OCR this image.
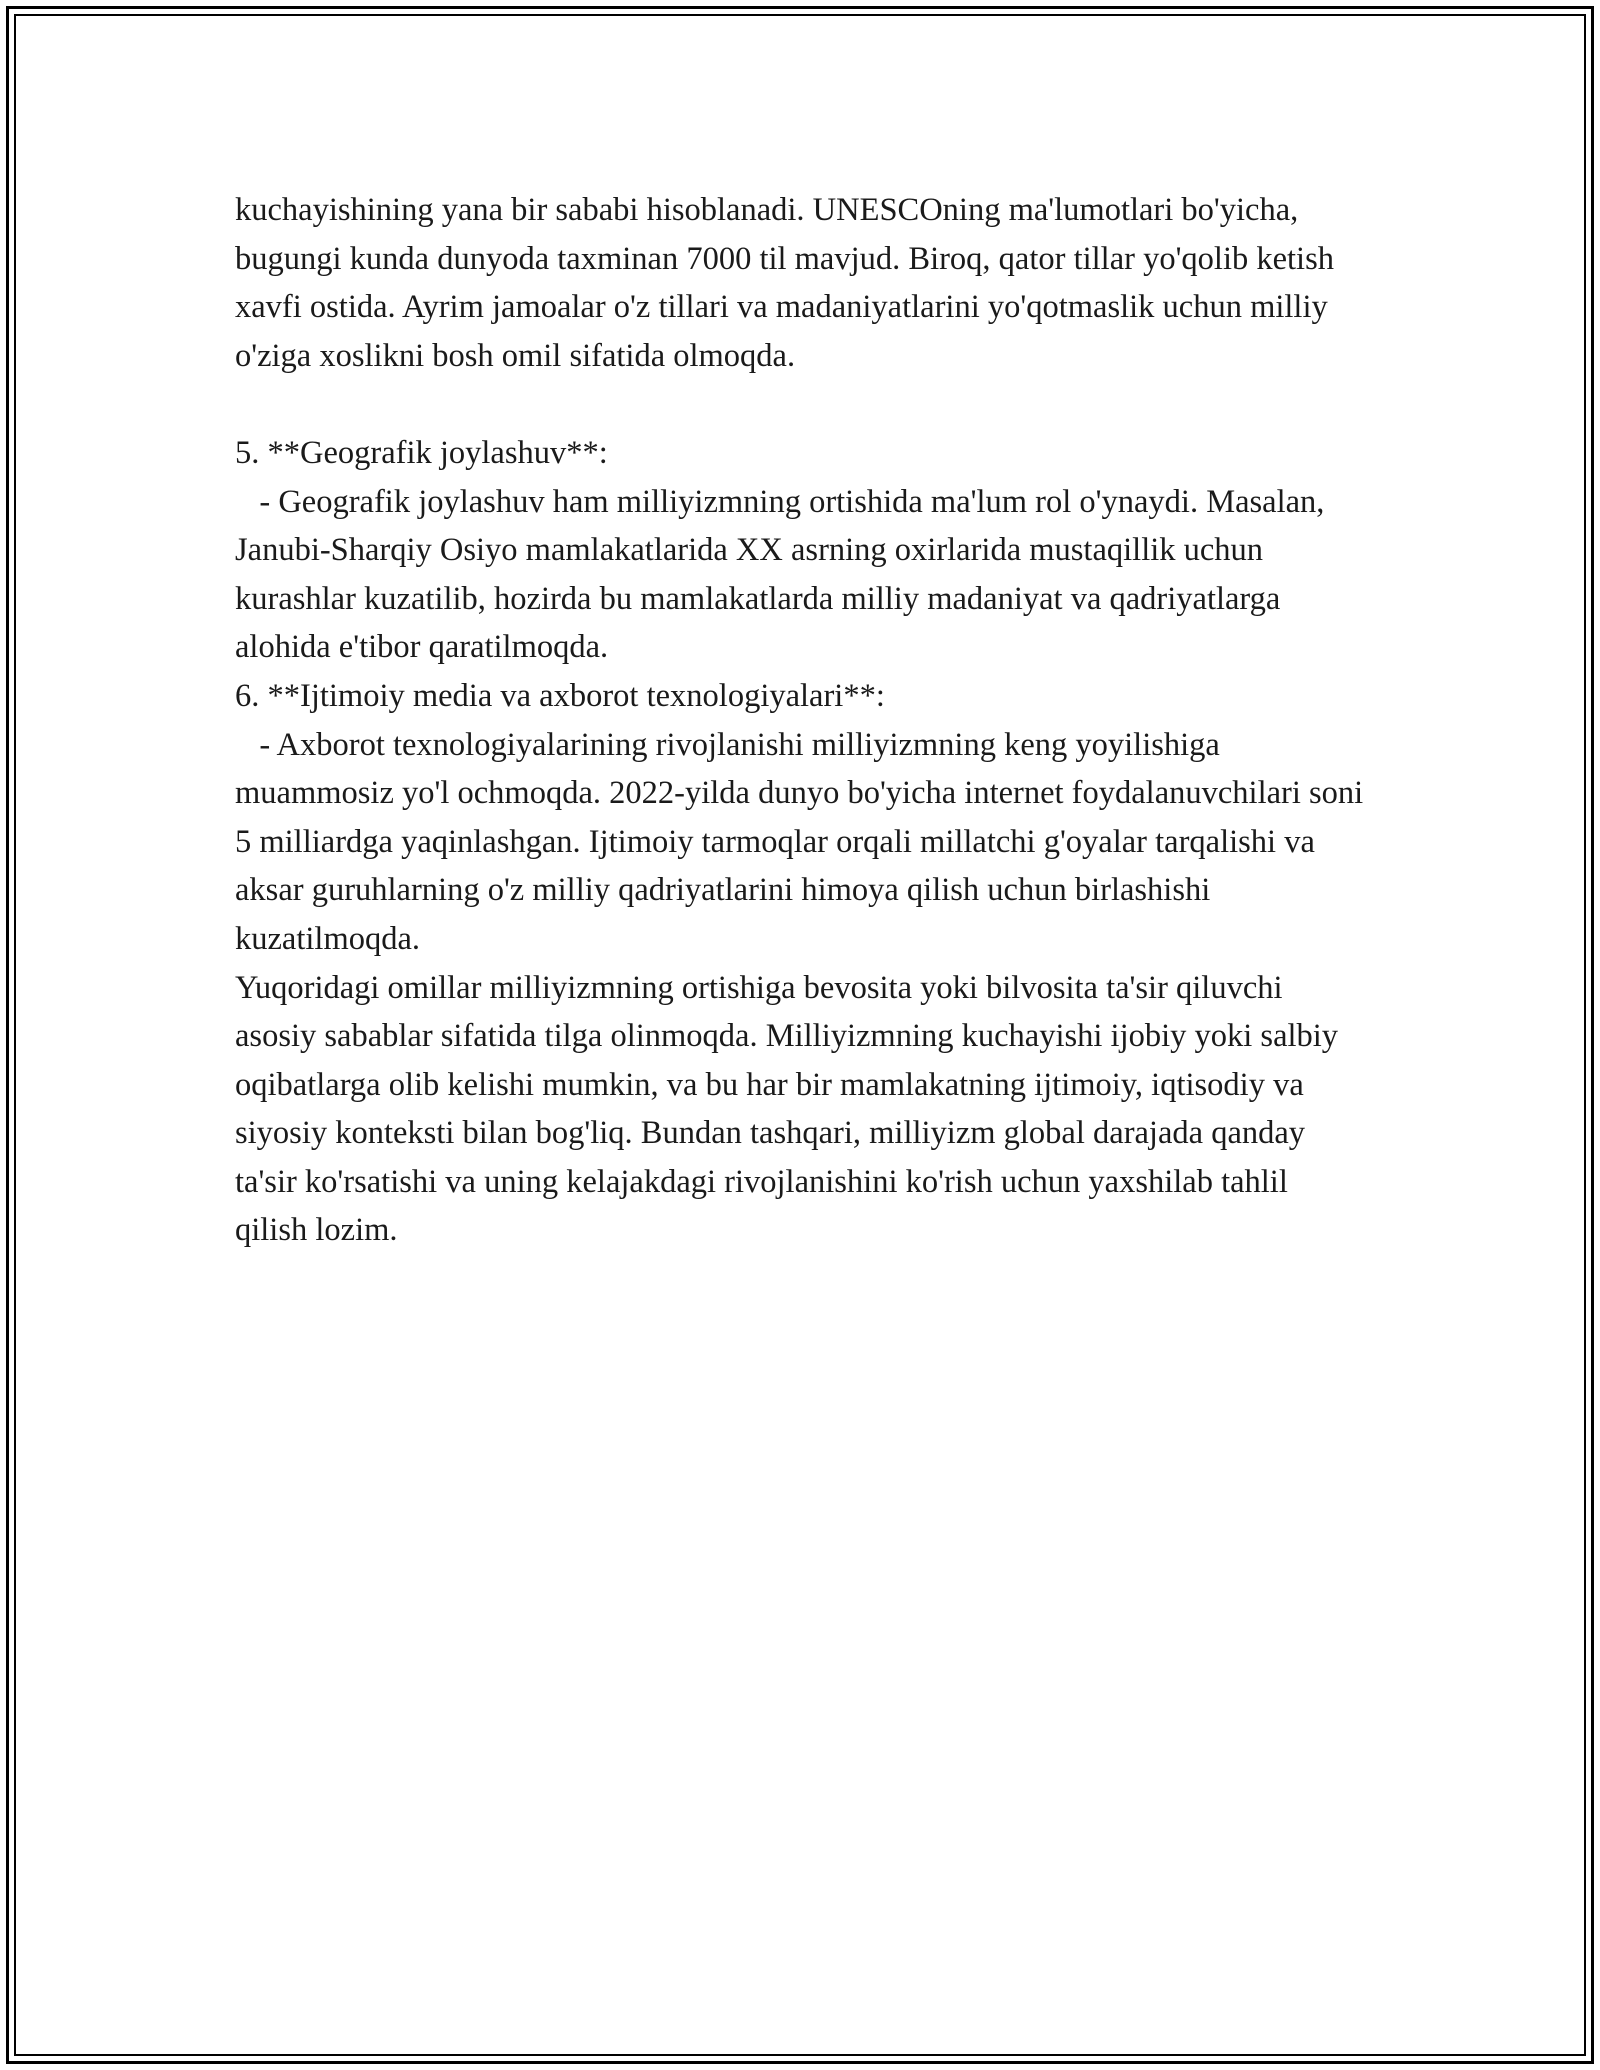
kuchayishining yana bir sababi hisoblanadi. UNESCOning ma'lumotlari bo'yicha, bugungi kunda dunyoda taxminan 7000 til mavjud. Biroq, qator tillar yo'qolib ketish xavfi ostida. Ayrim jamoalar o'z tillari va madaniyatlarini yo'qotmaslik uchun milliy o'ziga xoslikni bosh omil sifatida olmoqda.

5. **Geografik joylashuv**:

- Geografik joylashuv ham milliyizmning ortishida ma'lum rol o'ynaydi. Masalan, Janubi-Sharqiy Osiyo mamlakatlarida XX asrning oxirlarida mustaqillik uchun kurashlar kuzatilib, hozirda bu mamlakatlarda milliy madaniyat va qadriyatlarga alohida e'tibor qaratilmoqda.

6. **Ijtimoiy media va axborot texnologiyalari**:

- Axborot texnologiyalarining rivojlanishi milliyizmning keng yoyilishiga muammosiz yo'l ochmoqda. 2022-yilda dunyo bo'yicha internet foydalanuvchilari soni 5 milliardga yaqinlashgan. Ijtimoiy tarmoqlar orqali millatchi g'oyalar tarqalishi va aksar guruhlarning o'z milliy qadriyatlarini himoya qilish uchun birlashishi kuzatilmoqda.

Yuqoridagi omillar milliyizmning ortishiga bevosita yoki bilvosita ta'sir qiluvchi asosiy sabablar sifatida tilga olinmoqda. Milliyizmning kuchayishi ijobiy yoki salbiy oqibatlarga olib kelishi mumkin, va bu har bir mamlakatning ijtimoiy, iqtisodiy va siyosiy konteksti bilan bog'liq. Bundan tashqari, milliyizm global darajada qanday ta'sir ko'rsatishi va uning kelajakdagi rivojlanishini ko'rish uchun yaxshilab tahlil qilish lozim.
